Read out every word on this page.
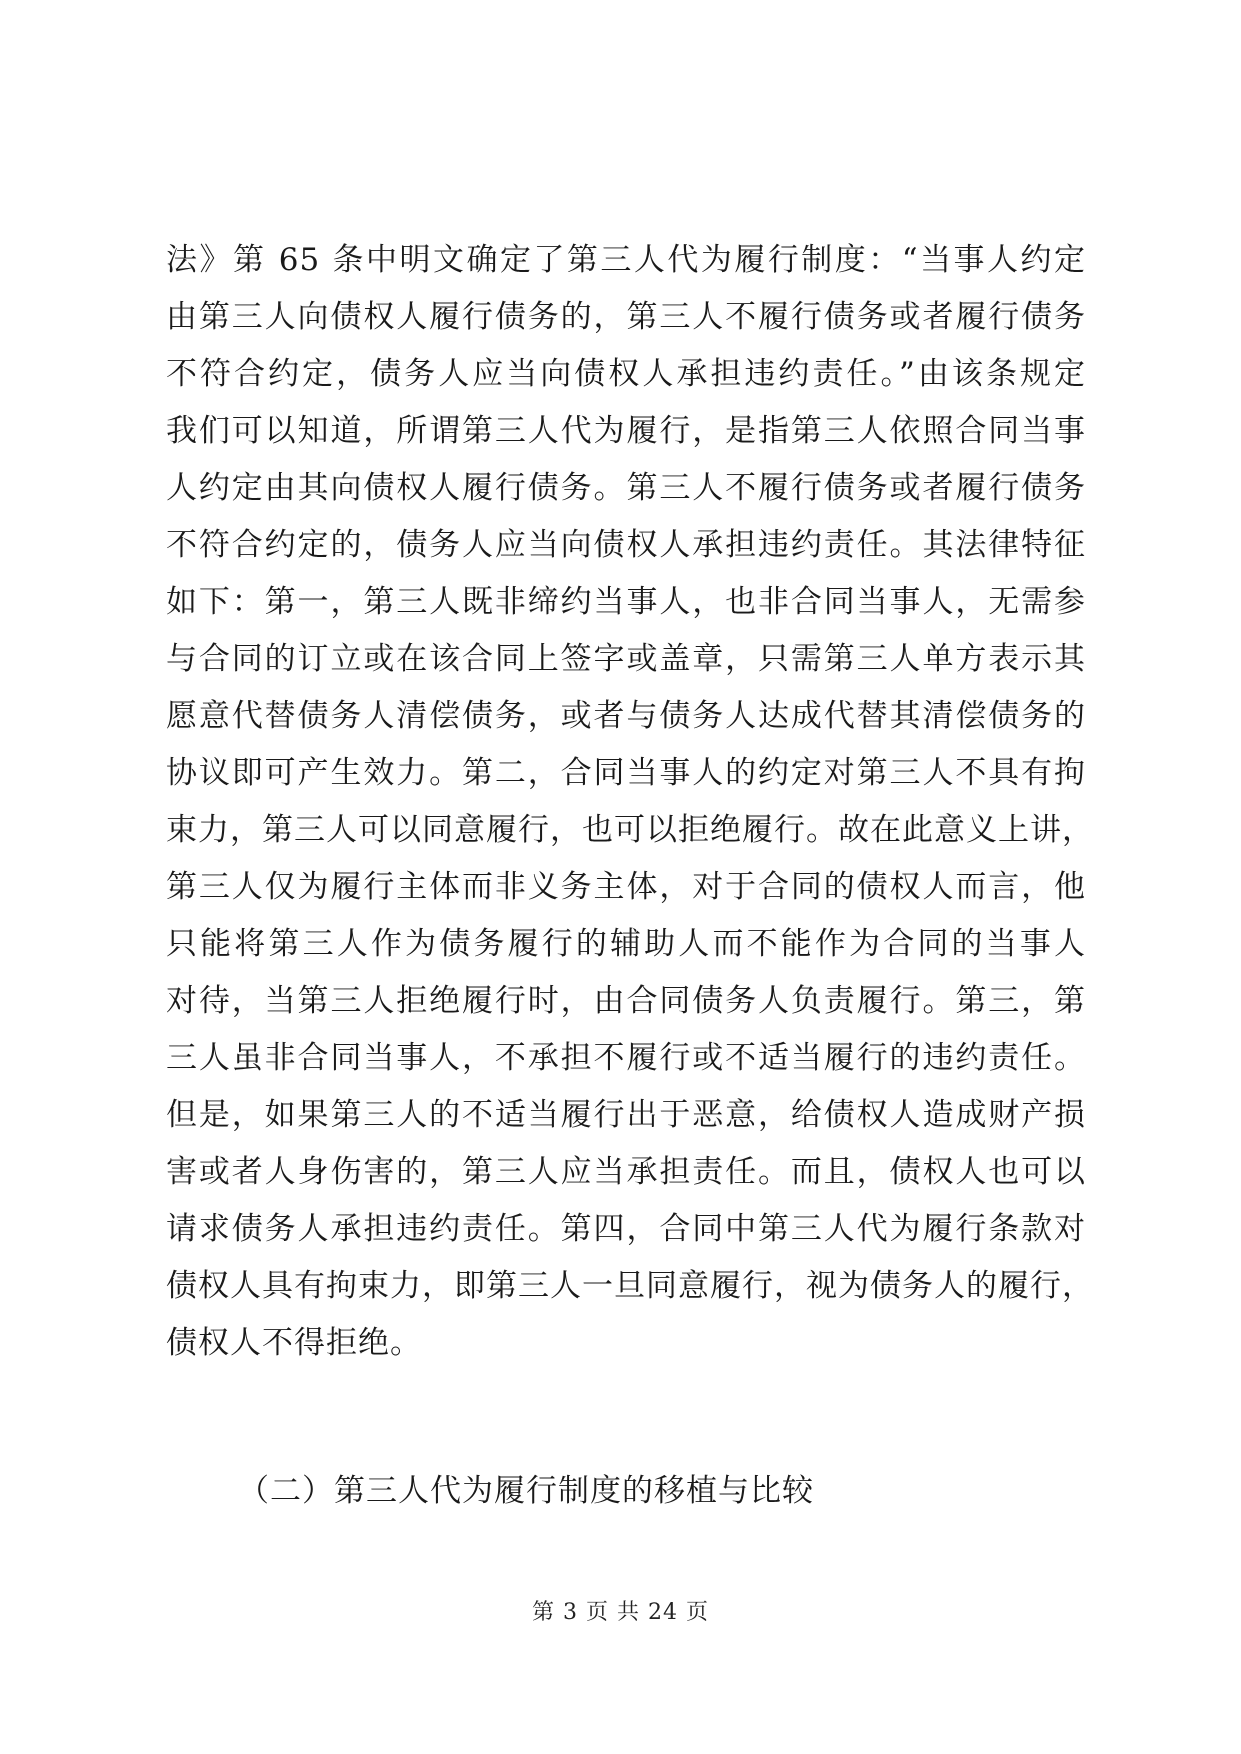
法》第 65 条中明文确定了第三人代为履行制度：“当事人约定
由第三人向债权人履行债务的，第三人不履行债务或者履行债务
不符合约定，债务人应当向债权人承担违约责任。”由该条规定
我们可以知道，所谓第三人代为履行，是指第三人依照合同当事
人约定由其向债权人履行债务。第三人不履行债务或者履行债务
不符合约定的，债务人应当向债权人承担违约责任。其法律特征
如下：第一，第三人既非缔约当事人，也非合同当事人，无需参
与合同的订立或在该合同上签字或盖章，只需第三人单方表示其
愿意代替债务人清偿债务，或者与债务人达成代替其清偿债务的
协议即可产生效力。第二，合同当事人的约定对第三人不具有拘
束力，第三人可以同意履行，也可以拒绝履行。故在此意义上讲，
第三人仅为履行主体而非义务主体，对于合同的债权人而言，他
只能将第三人作为债务履行的辅助人而不能作为合同的当事人
对待，当第三人拒绝履行时，由合同债务人负责履行。第三，第
三人虽非合同当事人，不承担不履行或不适当履行的违约责任。
但是，如果第三人的不适当履行出于恶意，给债权人造成财产损
害或者人身伤害的，第三人应当承担责任。而且，债权人也可以
请求债务人承担违约责任。第四，合同中第三人代为履行条款对
债权人具有拘束力，即第三人一旦同意履行，视为债务人的履行，
债权人不得拒绝。
（二）第三人代为履行制度的移植与比较
第 3 页 共 24 页
